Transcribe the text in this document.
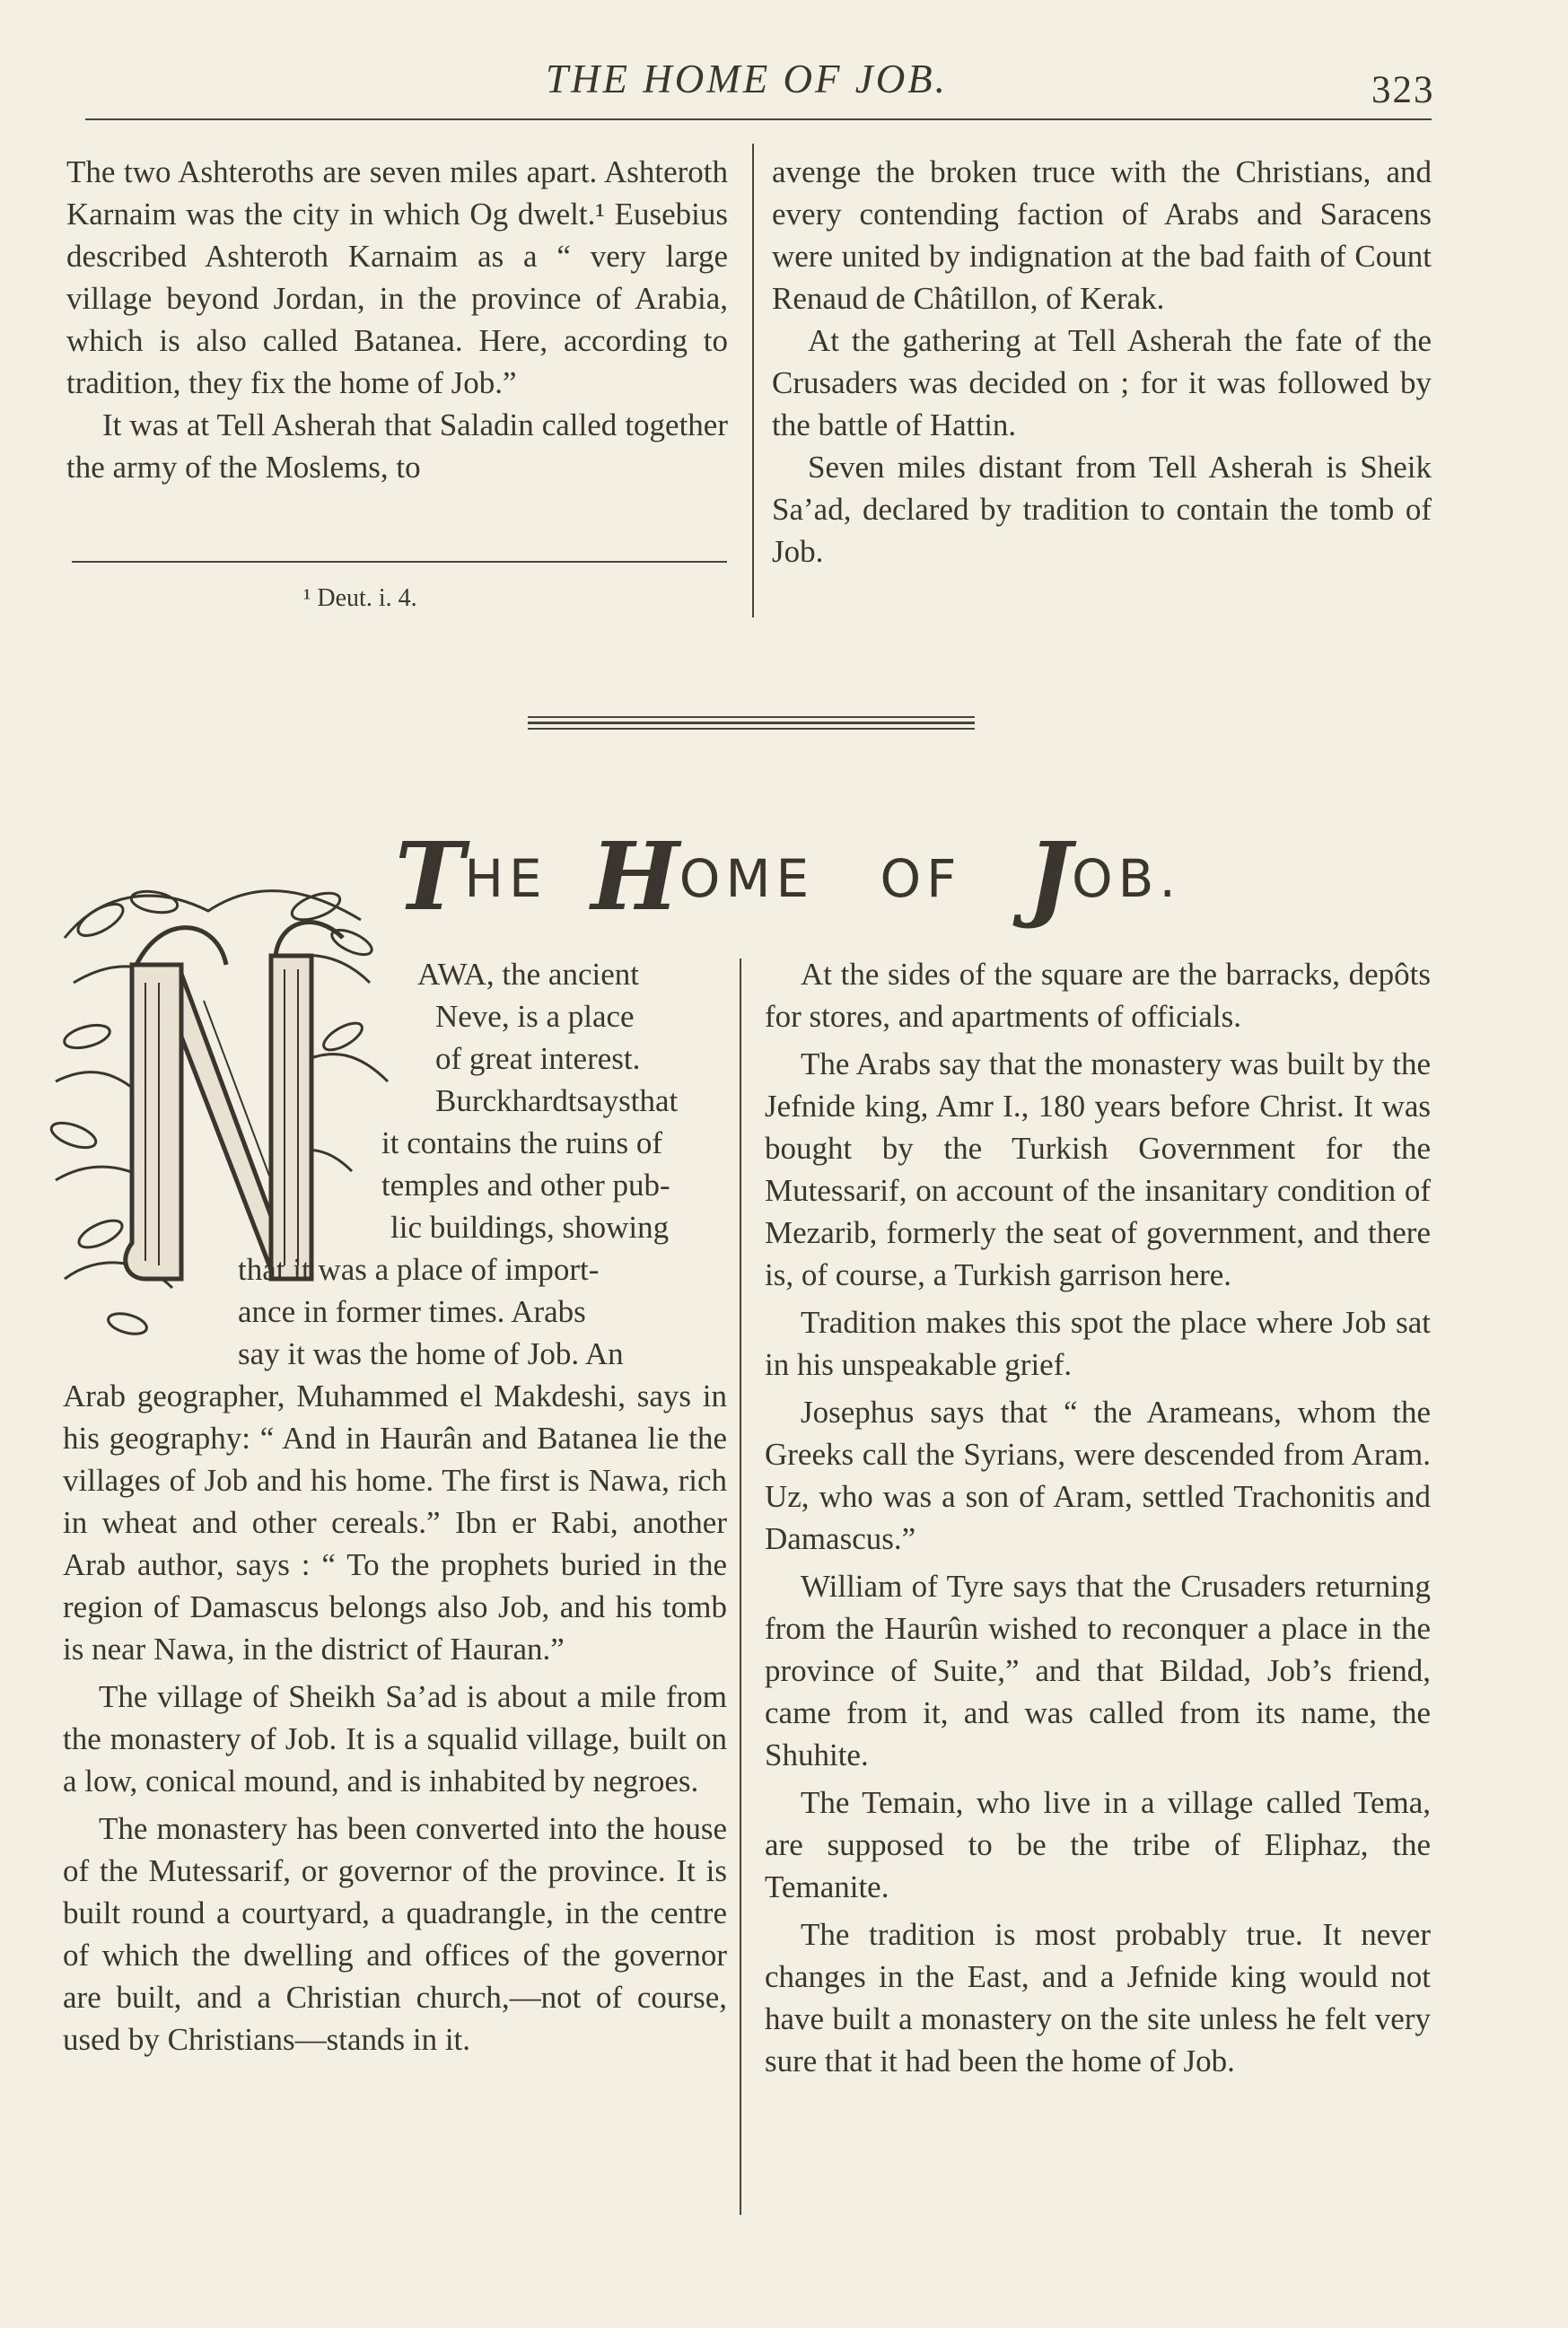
THE HOME OF JOB.	323

The two Ashteroths are seven miles apart. Ashteroth Karnaim was the city in which Og dwelt.¹ Eusebius described Ashteroth Karnaim as a “ very large village beyond Jordan, in the province of Arabia, which is also called Batanea. Here, according to tradition, they fix the home of Job.”

It was at Tell Asherah that Saladin called together the army of the Moslems, to

¹ Deut. i. 4.

avenge the broken truce with the Christians, and every contending faction of Arabs and Saracens were united by indignation at the bad faith of Count Renaud de Châtillon, of Kerak.

At the gathering at Tell Asherah the fate of the Crusaders was decided on ; for it was followed by the battle of Hattin.

Seven miles distant from Tell Asherah is Sheik Sa’ad, declared by tradition to contain the tomb of Job.

THE HOME OF JOB.
AWA, the ancient
Neve, is a place
of great interest.
Burckhardtsaysthat
it contains the ruins of
temples and other pub-
lic buildings, showing
that it was a place of import-
ance in former times. Arabs
say it was the home of Job. An

Arab geographer, Muhammed el Makdeshi, says in his geography: “ And in Haurân and Batanea lie the villages of Job and his home. The first is Nawa, rich in wheat and other cereals.” Ibn er Rabi, another Arab author, says : “ To the prophets buried in the region of Damascus belongs also Job, and his tomb is near Nawa, in the district of Hauran.”

The village of Sheikh Sa’ad is about a mile from the monastery of Job. It is a squalid village, built on a low, conical mound, and is inhabited by negroes.

The monastery has been converted into the house of the Mutessarif, or governor of the province. It is built round a courtyard, a quadrangle, in the centre of which the dwelling and offices of the governor are built, and a Christian church,—not of course, used by Christians—stands in it.

At the sides of the square are the barracks, depôts for stores, and apartments of officials.

The Arabs say that the monastery was built by the Jefnide king, Amr I., 180 years before Christ. It was bought by the Turkish Government for the Mutessarif, on account of the insanitary condition of Mezarib, formerly the seat of government, and there is, of course, a Turkish garrison here.

Tradition makes this spot the place where Job sat in his unspeakable grief.

Josephus says that “ the Arameans, whom the Greeks call the Syrians, were descended from Aram. Uz, who was a son of Aram, settled Trachonitis and Damascus.”

William of Tyre says that the Crusaders returning from the Haurûn wished to reconquer a place in the province of Suite,” and that Bildad, Job’s friend, came from it, and was called from its name, the Shuhite.

The Temain, who live in a village called Tema, are supposed to be the tribe of Eliphaz, the Temanite.

The tradition is most probably true. It never changes in the East, and a Jefnide king would not have built a monastery on the site unless he felt very sure that it had been the home of Job.
